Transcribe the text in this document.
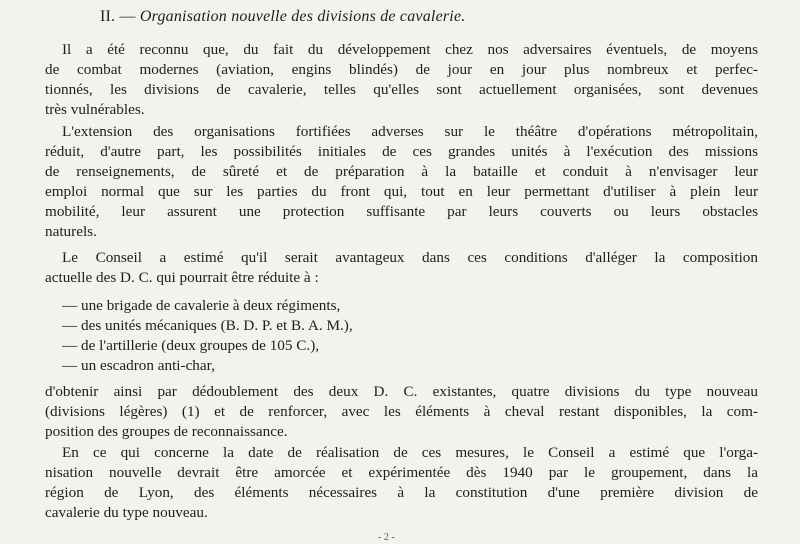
II. — Organisation nouvelle des divisions de cavalerie.
Il a été reconnu que, du fait du développement chez nos adversaires éventuels, de moyens
de combat modernes (aviation, engins blindés) de jour en jour plus nombreux et perfec-
tionnés, les divisions de cavalerie, telles qu'elles sont actuellement organisées, sont devenues
très vulnérables.
L'extension des organisations fortifiées adverses sur le théâtre d'opérations métropolitain,
réduit, d'autre part, les possibilités initiales de ces grandes unités à l'exécution des missions
de renseignements, de sûreté et de préparation à la bataille et conduit à n'envisager leur
emploi normal que sur les parties du front qui, tout en leur permettant d'utiliser à plein leur
mobilité, leur assurent une protection suffisante par leurs couverts ou leurs obstacles
naturels.
Le Conseil a estimé qu'il serait avantageux dans ces conditions d'alléger la composition
actuelle des D. C. qui pourrait être réduite à :
— une brigade de cavalerie à deux régiments,
— des unités mécaniques (B. D. P. et B. A. M.),
— de l'artillerie (deux groupes de 105 C.),
— un escadron anti-char,
d'obtenir ainsi par dédoublement des deux D. C. existantes, quatre divisions du type nouveau
(divisions légères) (1) et de renforcer, avec les éléments à cheval restant disponibles, la com-
position des groupes de reconnaissance.
En ce qui concerne la date de réalisation de ces mesures, le Conseil a estimé que l'orga-
nisation nouvelle devrait être amorcée et expérimentée dès 1940 par le groupement, dans la
région de Lyon, des éléments nécessaires à la constitution d'une première division de
cavalerie du type nouveau.
- 2 -
